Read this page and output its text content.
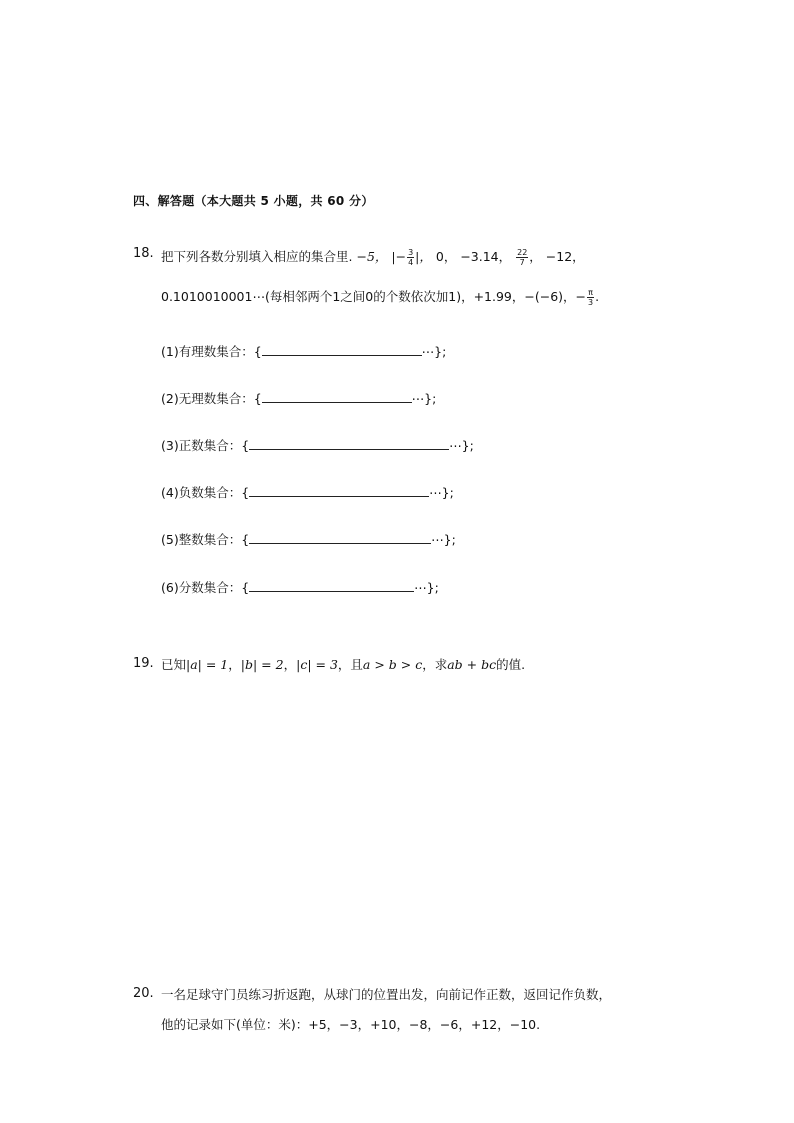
四、解答题（本大题共 5 小题，共 60 分）
18. 把下列各数分别填入相应的集合里. −5， |− $\frac{3}{4}$ |， 0， −3.14， $\frac{22}{7}$ ， −12，
0.1010010001⋯(每相邻两个1之间0的个数依次加1)，+1.99，−(−6)，− $\frac{\pi}{3}$ .
(1)有理数集合：{	⋯};
(2)无理数集合：{	⋯};
(3)正数集合：{	⋯};
(4)负数集合：{	⋯};
(5)整数集合：{	⋯};
(6)分数集合：{	⋯};
19. 已知|a| = 1，|b| = 2，|c| = 3，且a > b > c，求ab + bc的值.
20. 一名足球守门员练习折返跑，从球门的位置出发，向前记作正数，返回记作负数，
他的记录如下(单位：米)：+5，−3，+10，−8，−6，+12，−10.
